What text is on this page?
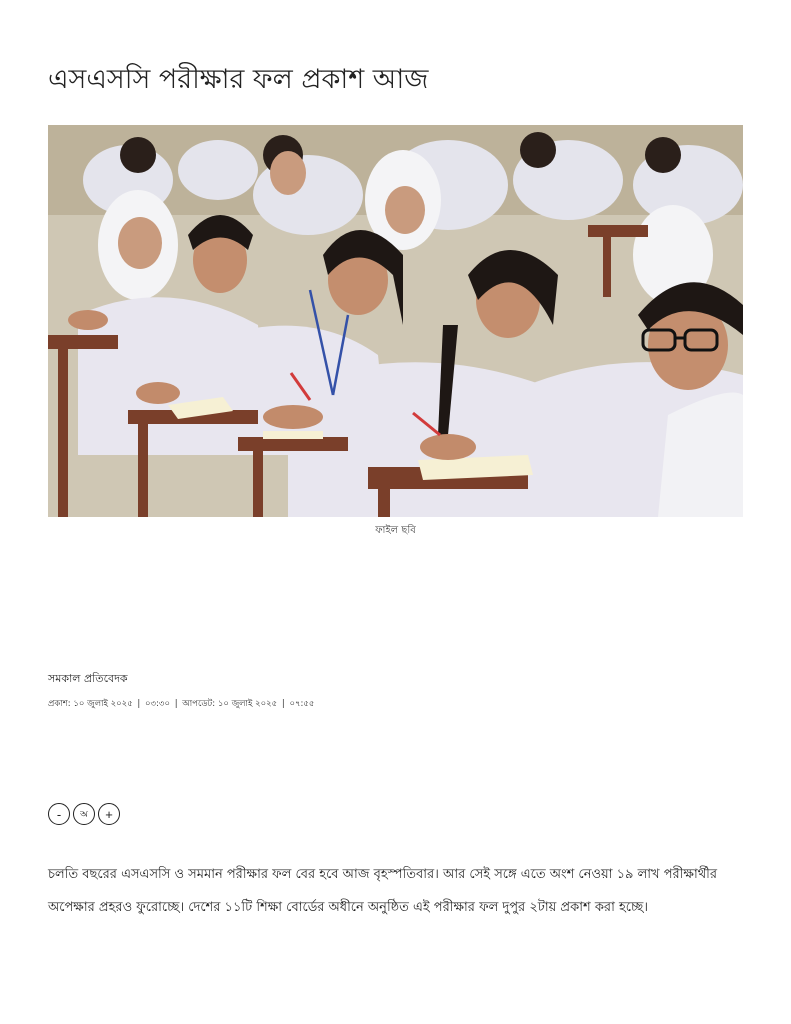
এসএসসি পরীক্ষার ফল প্রকাশ আজ
ফাইল ছবি
সমকাল প্রতিবেদক
প্রকাশ: ১০ জুলাই ২০২৫ | ০৩:৩০ | আপডেট: ১০ জুলাই ২০২৫ | ০৭:৫৫
-	অ	+

চলতি বছরের এসএসসি ও সমমান পরীক্ষার ফল বের হবে আজ বৃহস্পতিবার। আর সেই সঙ্গে এতে অংশ নেওয়া ১৯ লাখ পরীক্ষার্থীর অপেক্ষার প্রহরও ফুরোচ্ছে। দেশের ১১টি শিক্ষা বোর্ডের অধীনে অনুষ্ঠিত এই পরীক্ষার ফল দুপুর ২টায় প্রকাশ করা হচ্ছে।
